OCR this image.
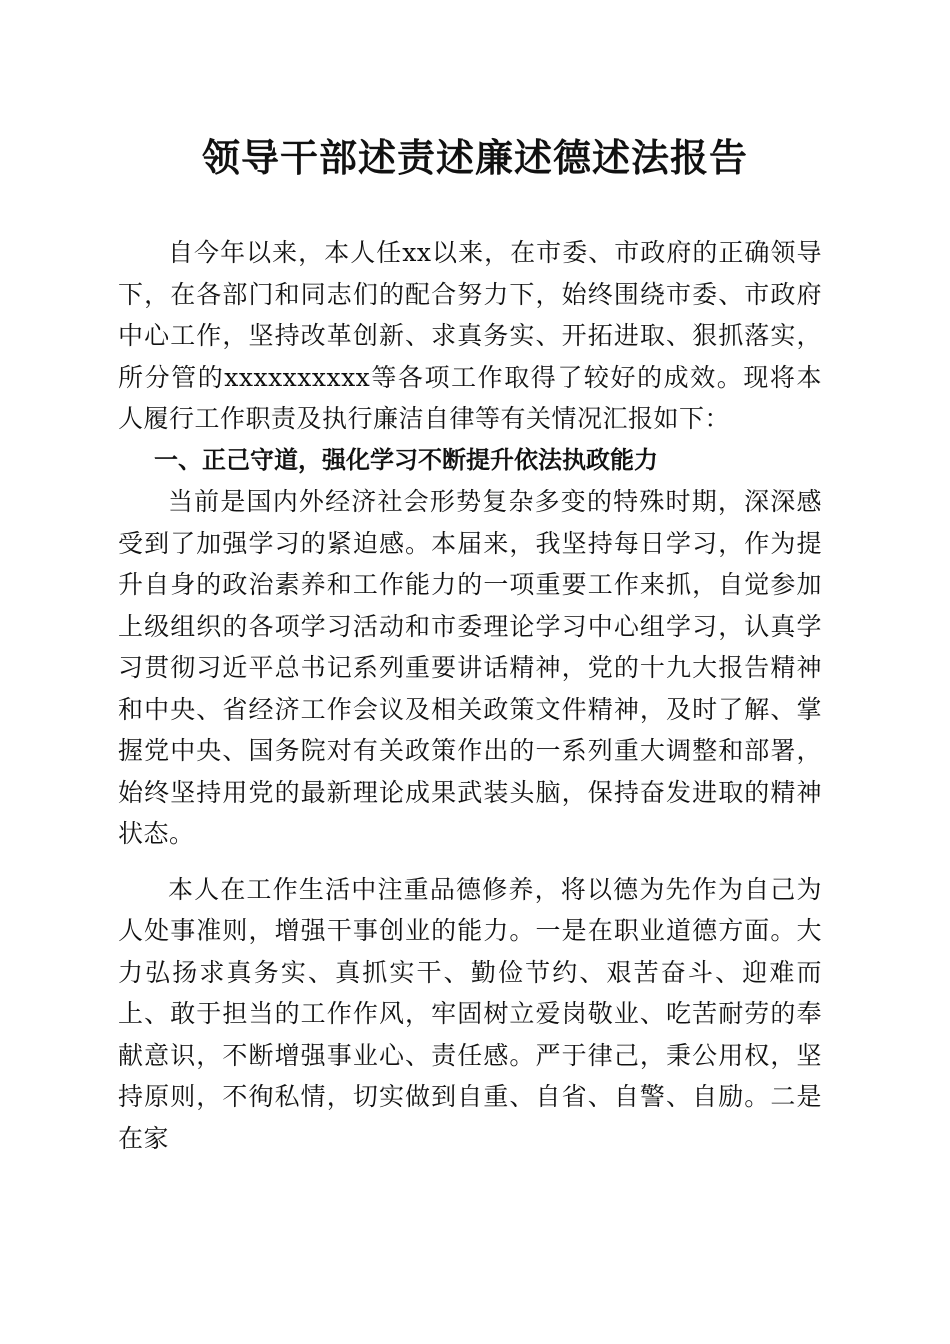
领导干部述责述廉述德述法报告

自今年以来，本人任xx以来，在市委、市政府的正确领导下，在各部门和同志们的配合努力下，始终围绕市委、市政府中心工作，坚持改革创新、求真务实、开拓进取、狠抓落实，所分管的xxxxxxxxxx等各项工作取得了较好的成效。现将本人履行工作职责及执行廉洁自律等有关情况汇报如下：

一、正己守道，强化学习不断提升依法执政能力

当前是国内外经济社会形势复杂多变的特殊时期，深深感受到了加强学习的紧迫感。本届来，我坚持每日学习，作为提升自身的政治素养和工作能力的一项重要工作来抓，自觉参加上级组织的各项学习活动和市委理论学习中心组学习，认真学习贯彻习近平总书记系列重要讲话精神，党的十九大报告精神和中央、省经济工作会议及相关政策文件精神，及时了解、掌握党中央、国务院对有关政策作出的一系列重大调整和部署，始终坚持用党的最新理论成果武装头脑，保持奋发进取的精神状态。

本人在工作生活中注重品德修养，将以德为先作为自己为人处事准则，增强干事创业的能力。一是在职业道德方面。大力弘扬求真务实、真抓实干、勤俭节约、艰苦奋斗、迎难而上、敢于担当的工作作风，牢固树立爱岗敬业、吃苦耐劳的奉献意识，不断增强事业心、责任感。严于律己，秉公用权，坚持原则，不徇私情，切实做到自重、自省、自警、自励。二是在家
